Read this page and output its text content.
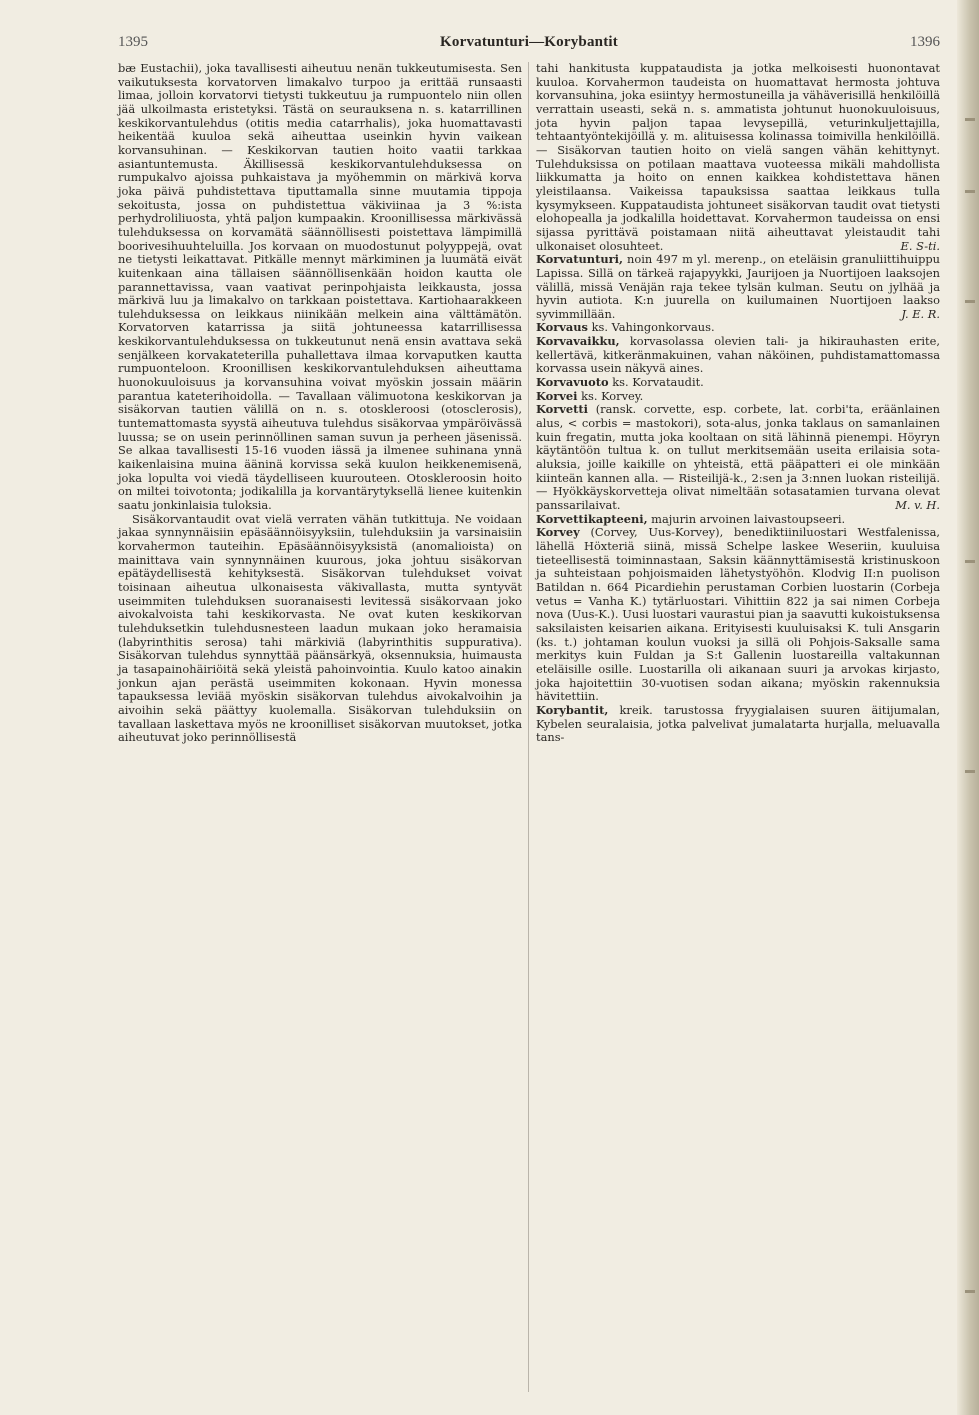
1395	Korvatunturi—Korybantit	1396

bæ Eustachii), joka tavallisesti aiheutuu nenän tukkeutumisesta. Sen vaikutuksesta korvatorven limakalvo turpoo ja erittää runsaasti limaa, jolloin korvatorvi tietysti tukkeutuu ja rumpuontelo niin ollen jää ulkoilmasta eristetyksi. Tästä on seurauksena n. s. katarrillinen keskikorvantulehdus (otitis media catarrhalis), joka huomattavasti heikentää kuuloa sekä aiheuttaa useinkin hyvin vaikean korvansuhinan. — Keskikorvan tautien hoito vaatii tarkkaa asiantuntemusta. Äkillisessä keskikorvantulehduksessa on rumpukalvo ajoissa puhkaistava ja myöhemmin on märkivä korva joka päivä puhdistettava tiputtamalla sinne muutamia tippoja sekoitusta, jossa on puhdistettua väkiviinaa ja 3 %:ista perhydroliliuosta, yhtä paljon kumpaakin. Kroonillisessa märkivässä tulehduksessa on korvamätä säännöllisesti poistettava lämpimillä boorivesihuuhteluilla. Jos korvaan on muodostunut polyyppejä, ovat ne tietysti leikattavat. Pitkälle mennyt märkiminen ja luumätä eivät kuitenkaan aina tällaisen säännöllisenkään hoidon kautta ole parannettavissa, vaan vaativat perinpohjaista leikkausta, jossa märkivä luu ja limakalvo on tarkkaan poistettava. Kartiohaarakkeen tulehduksessa on leikkaus niinikään melkein aina välttämätön. Korvatorven katarrissa ja siitä johtuneessa katarrillisessa keskikorvantulehduksessa on tukkeutunut nenä ensin avattava sekä senjälkeen korvakateterilla puhallettava ilmaa korvaputken kautta rumpuonteloon. Kroonillisen keskikorvantulehduksen aiheuttama huonokuuloisuus ja korvansuhina voivat myöskin jossain määrin parantua kateterihoidolla. — Tavallaan välimuotona keskikorvan ja sisäkorvan tautien välillä on n. s. otoskleroosi (otosclerosis), tuntemattomasta syystä aiheutuva tulehdus sisäkorvaa ympäröivässä luussa; se on usein perinnöllinen saman suvun ja perheen jäsenissä. Se alkaa tavallisesti 15-16 vuoden iässä ja ilmenee suhinana ynnä kaikenlaisina muina ääninä korvissa sekä kuulon heikkenemisenä, joka lopulta voi viedä täydelliseen kuurouteen. Otoskleroosin hoito on miltei toivotonta; jodikalilla ja korvantärytyksellä lienee kuitenkin saatu jonkinlaisia tuloksia.

Sisäkorvantaudit ovat vielä verraten vähän tutkittuja. Ne voidaan jakaa synnynnäisiin epäsäännöisyyksiin, tulehduksiin ja varsinaisiin korvahermon tauteihin. Epäsäännöisyyksistä (anomalioista) on mainittava vain synnynnäinen kuurous, joka johtuu sisäkorvan epätäydellisestä kehityksestä. Sisäkorvan tulehdukset voivat toisinaan aiheutua ulkonaisesta väkivallasta, mutta syntyvät useimmiten tulehduksen suoranaisesti levitessä sisäkorvaan joko aivokalvoista tahi keskikorvasta. Ne ovat kuten keskikorvan tulehduksetkin tulehdusnesteen laadun mukaan joko heramaisia (labyrinthitis serosa) tahi märkiviä (labyrinthitis suppurativa). Sisäkorvan tulehdus synnyttää päänsärkyä, oksennuksia, huimausta ja tasapainohäiriöitä sekä yleistä pahoinvointia. Kuulo katoo ainakin jonkun ajan perästä useimmiten kokonaan. Hyvin monessa tapauksessa leviää myöskin sisäkorvan tulehdus aivokalvoihin ja aivoihin sekä päättyy kuolemalla. Sisäkorvan tulehduksiin on tavallaan laskettava myös ne kroonilliset sisäkorvan muutokset, jotka aiheutuvat joko perinnöllisestä

tahi hankitusta kuppataudista ja jotka melkoisesti huonontavat kuuloa. Korvahermon taudeista on huomattavat hermosta johtuva korvansuhina, joka esiintyy hermostuneilla ja vähäverisillä henkilöillä verrattain useasti, sekä n. s. ammatista johtunut huonokuuloisuus, jota hyvin paljon tapaa levysepillä, veturinkuljettajilla, tehtaantyöntekijöillä y. m. alituisessa kolinassa toimivilla henkilöillä. — Sisäkorvan tautien hoito on vielä sangen vähän kehittynyt. Tulehduksissa on potilaan maattava vuoteessa mikäli mahdollista liikkumatta ja hoito on ennen kaikkea kohdistettava hänen yleistilaansa. Vaikeissa tapauksissa saattaa leikkaus tulla kysymykseen. Kuppataudista johtuneet sisäkorvan taudit ovat tietysti elohopealla ja jodkalilla hoidettavat. Korvahermon taudeissa on ensi sijassa pyrittävä poistamaan niitä aiheuttavat yleistaudit tahi ulkonaiset olosuhteet.	E. S-ti.

Korvatunturi, noin 497 m yl. merenp., on eteläisin granuliittihuippu Lapissa. Sillä on tärkeä rajapyykki, Jaurijoen ja Nuortijoen laaksojen välillä, missä Venäjän raja tekee tylsän kulman. Seutu on jylhää ja hyvin autiota. K:n juurella on kuilumainen Nuortijoen laakso syvimmillään.	J. E. R.

Korvaus ks. Vahingonkorvaus.

Korvavaikku, korvasolassa olevien tali- ja hikirauhasten erite, kellertävä, kitkeränmakuinen, vahan näköinen, puhdistamattomassa korvassa usein näkyvä aines.

Korvavuoto ks. Korvataudit.

Korvei ks. Korvey.

Korvetti (ransk. corvette, esp. corbete, lat. corbi'ta, eräänlainen alus, < corbis = mastokori), sota-alus, jonka taklaus on samanlainen kuin fregatin, mutta joka kooltaan on sitä lähinnä pienempi. Höyryn käytäntöön tultua k. on tullut merkitsemään useita erilaisia sota-aluksia, joille kaikille on yhteistä, että pääpatteri ei ole minkään kiinteän kannen alla. — Risteilijä-k., 2:sen ja 3:nnen luokan risteilijä. — Hyökkäyskorvetteja olivat nimeltään sotasatamien turvana olevat panssarilaivat.	M. v. H.

Korvettikapteeni, majurin arvoinen laivastoupseeri.

Korvey (Corvey, Uus-Korvey), benediktiiniluostari Westfalenissa, lähellä Höxteriä siinä, missä Schelpe laskee Weseriin, kuuluisa tieteellisestä toiminnastaan, Saksin käännyttämisestä kristinuskoon ja suhteistaan pohjoismaiden lähetystyöhön. Klodvig II:n puolison Batildan n. 664 Picardiehin perustaman Corbien luostarin (Corbeja vetus = Vanha K.) tytärluostari. Vihittiin 822 ja sai nimen Corbeja nova (Uus-K.). Uusi luostari vaurastui pian ja saavutti kukoistuksensa saksilaisten keisarien aikana. Erityisesti kuuluisaksi K. tuli Ansgarin (ks. t.) johtaman koulun vuoksi ja sillä oli Pohjois-Saksalle sama merkitys kuin Fuldan ja S:t Gallenin luostareilla valtakunnan eteläisille osille. Luostarilla oli aikanaan suuri ja arvokas kirjasto, joka hajoitettiin 30-vuotisen sodan aikana; myöskin rakennuksia hävitettiin.

Korybantit, kreik. tarustossa fryygialaisen suuren äitijumalan, Kybelen seuralaisia, jotka palvelivat jumalatarta hurjalla, meluavalla tans-
